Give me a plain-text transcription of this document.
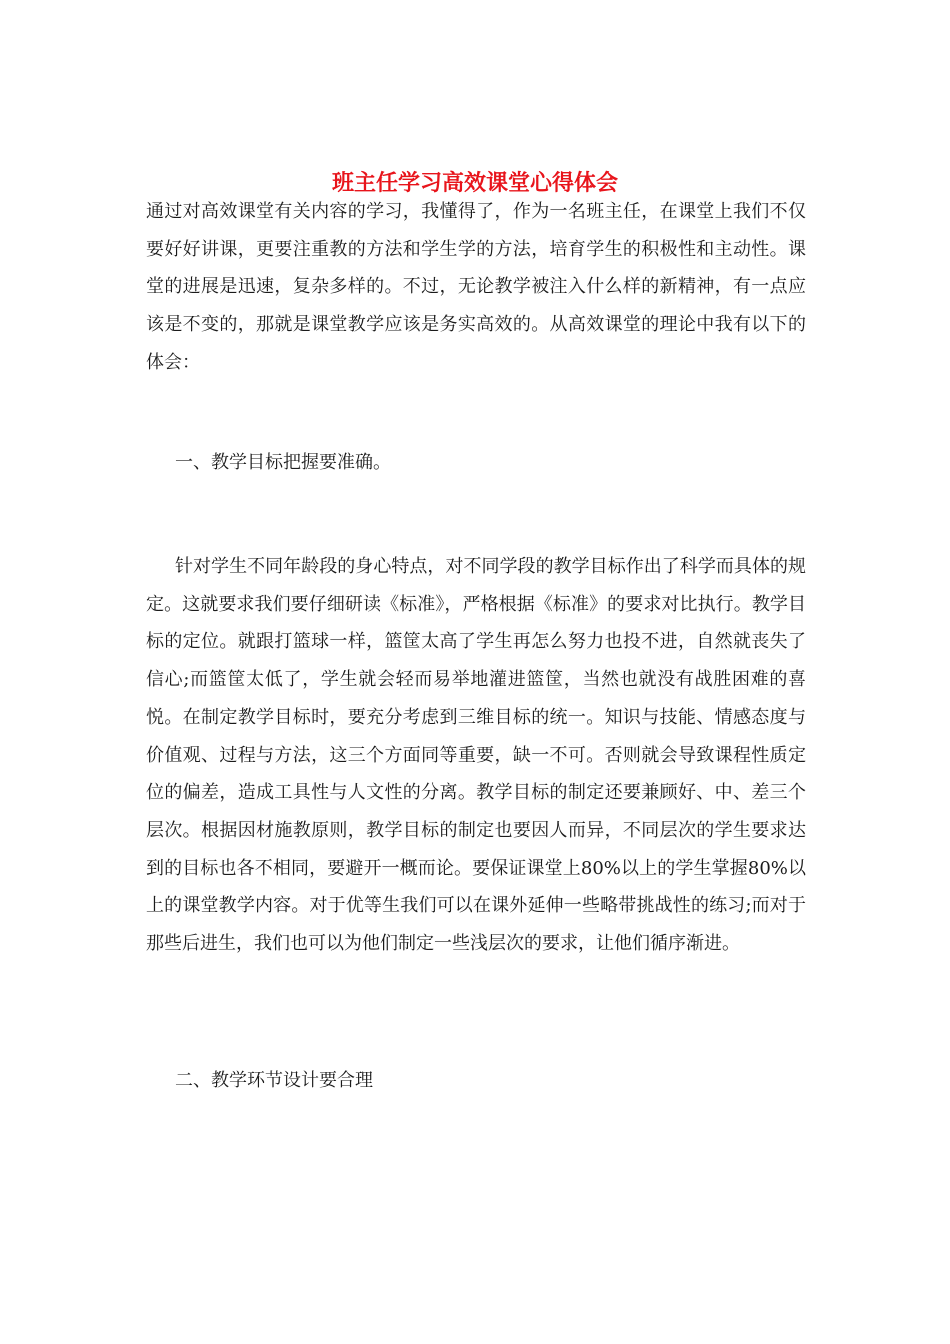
班主任学习高效课堂心得体会

通过对高效课堂有关内容的学习，我懂得了，作为一名班主任，在课堂上我们不仅要好好讲课，更要注重教的方法和学生学的方法，培育学生的积极性和主动性。课堂的进展是迅速，复杂多样的。不过，无论教学被注入什么样的新精神，有一点应该是不变的，那就是课堂教学应该是务实高效的。从高效课堂的理论中我有以下的体会：

一、教学目标把握要准确。

针对学生不同年龄段的身心特点，对不同学段的教学目标作出了科学而具体的规定。这就要求我们要仔细研读《标准》，严格根据《标准》的要求对比执行。教学目标的定位。就跟打篮球一样，篮筐太高了学生再怎么努力也投不进，自然就丧失了信心;而篮筐太低了，学生就会轻而易举地灌进篮筐，当然也就没有战胜困难的喜悦。在制定教学目标时，要充分考虑到三维目标的统一。知识与技能、情感态度与价值观、过程与方法，这三个方面同等重要，缺一不可。否则就会导致课程性质定位的偏差，造成工具性与人文性的分离。教学目标的制定还要兼顾好、中、差三个层次。根据因材施教原则，教学目标的制定也要因人而异，不同层次的学生要求达到的目标也各不相同，要避开一概而论。要保证课堂上80%以上的学生掌握80%以上的课堂教学内容。对于优等生我们可以在课外延伸一些略带挑战性的练习;而对于那些后进生，我们也可以为他们制定一些浅层次的要求，让他们循序渐进。

二、教学环节设计要合理
